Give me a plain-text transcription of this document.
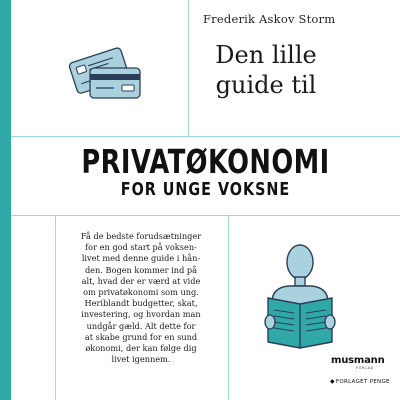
Frederik Askov Storm
Den lille
guide til
PRIVATØKONOMI
FOR UNGE VOKSNE
Få de bedste forudsætninger
for en god start på voksen-
livet med denne guide i hån-
den. Bogen kommer ind på
alt, hvad der er værd at vide
om privatøkonomi som ung.
Heriblandt budgetter, skat,
investering, og hvordan man
undgår gæld. Alt dette for
at skabe grund for en sund
økonomi, der kan følge dig
livet igennem.	musmann
FORLAG
◆FORLAGET PENGE
